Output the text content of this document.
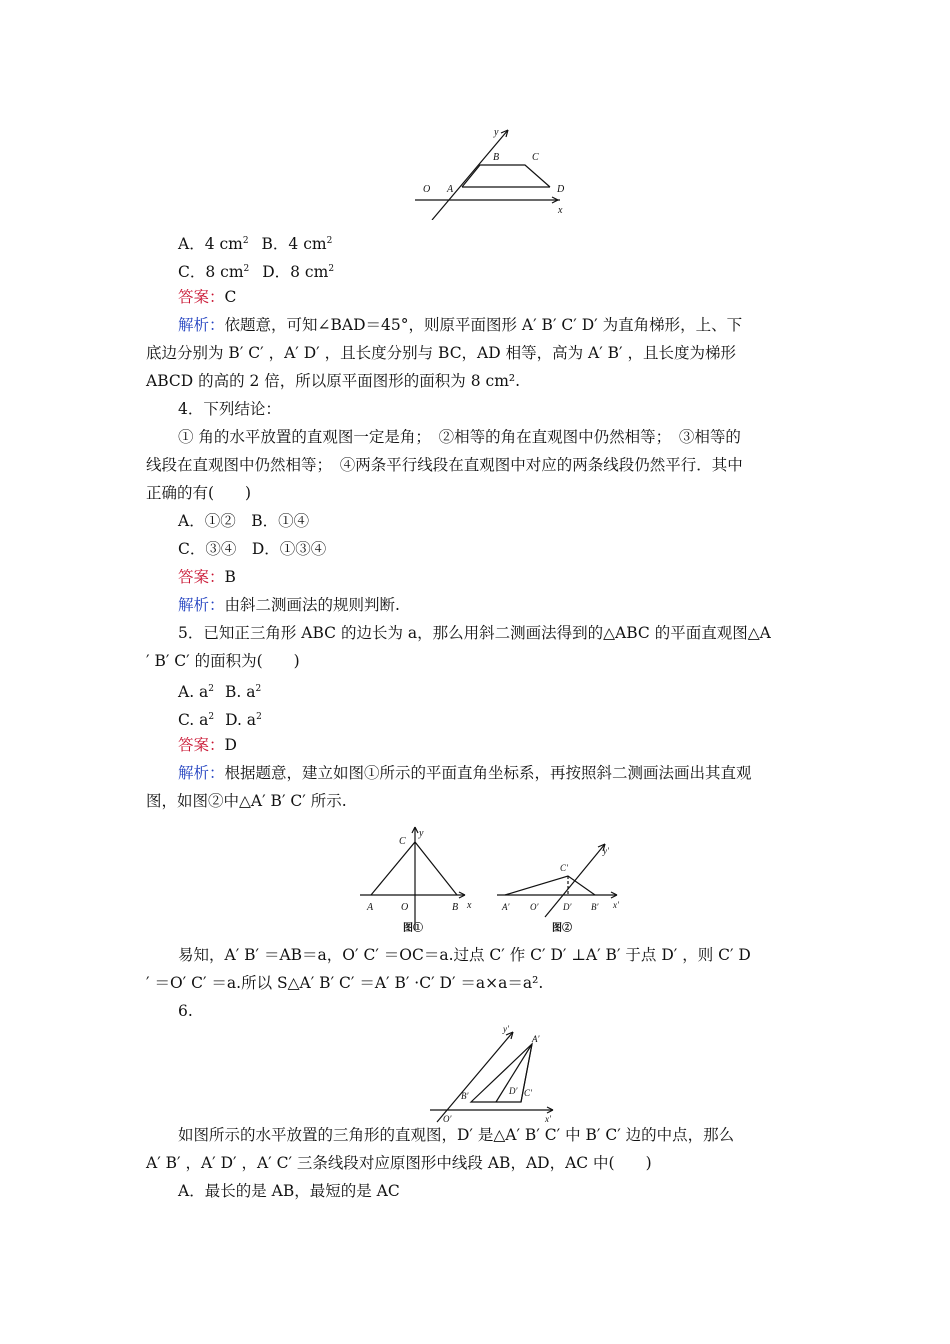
y
B	C
O A	D
x
A．4 $cm^2$ B．4 $cm^2$
C．8 $cm^2$ D．8 $cm^2$
答案：C
解析：依题意，可知∠BAD＝45°，则原平面图形 A′ B′ C′ D′ 为直角梯形，上、下
底边分别为 B′ C′ ，A′ D′ ，且长度分别与 BC，AD 相等，高为 A′ B′ ，且长度为梯形
ABCD 的高的 2 倍，所以原平面图形的面积为 8 cm².
4．下列结论：
① 角的水平放置的直观图一定是角；　②相等的角在直观图中仍然相等；　③相等的
线段在直观图中仍然相等；　④两条平行线段在直观图中对应的两条线段仍然平行．其中
正确的有(　　)
A．①②　B．①④
C．③④　D．①③④
答案：B
解析：由斜二测画法的规则判断.
5．已知正三角形 ABC 的边长为 a，那么用斜二测画法得到的△ABC 的平面直观图△A
′ B′ C′ 的面积为(　　)
A. $a^2$ B. $a^2$
C. $a^2$ D. $a^2$
答案：D
解析：根据题意，建立如图①所示的平面直角坐标系，再按照斜二测画法画出其直观
图，如图②中△A′ B′ C′ 所示.
C
y
A	O	B x
图①
C′
y′
A′ O′	D′ B′ x′
图②
易知，A′ B′ ＝AB＝a，O′ C′ ＝OC＝a.过点 C′ 作 C′ D′ ⊥A′ B′ 于点 D′ ，则 C′ D
′ ＝O′ C′ ＝a.所以 S△A′ B′ C′ ＝A′ B′ ·C′ D′ ＝a×a＝a².
6.
y′
A′
B′	D′ C′
O′	x′
如图所示的水平放置的三角形的直观图，D′ 是△A′ B′ C′ 中 B′ C′ 边的中点，那么
A′ B′ ，A′ D′ ，A′ C′ 三条线段对应原图形中线段 AB，AD，AC 中(　　)
A．最长的是 AB，最短的是 AC
